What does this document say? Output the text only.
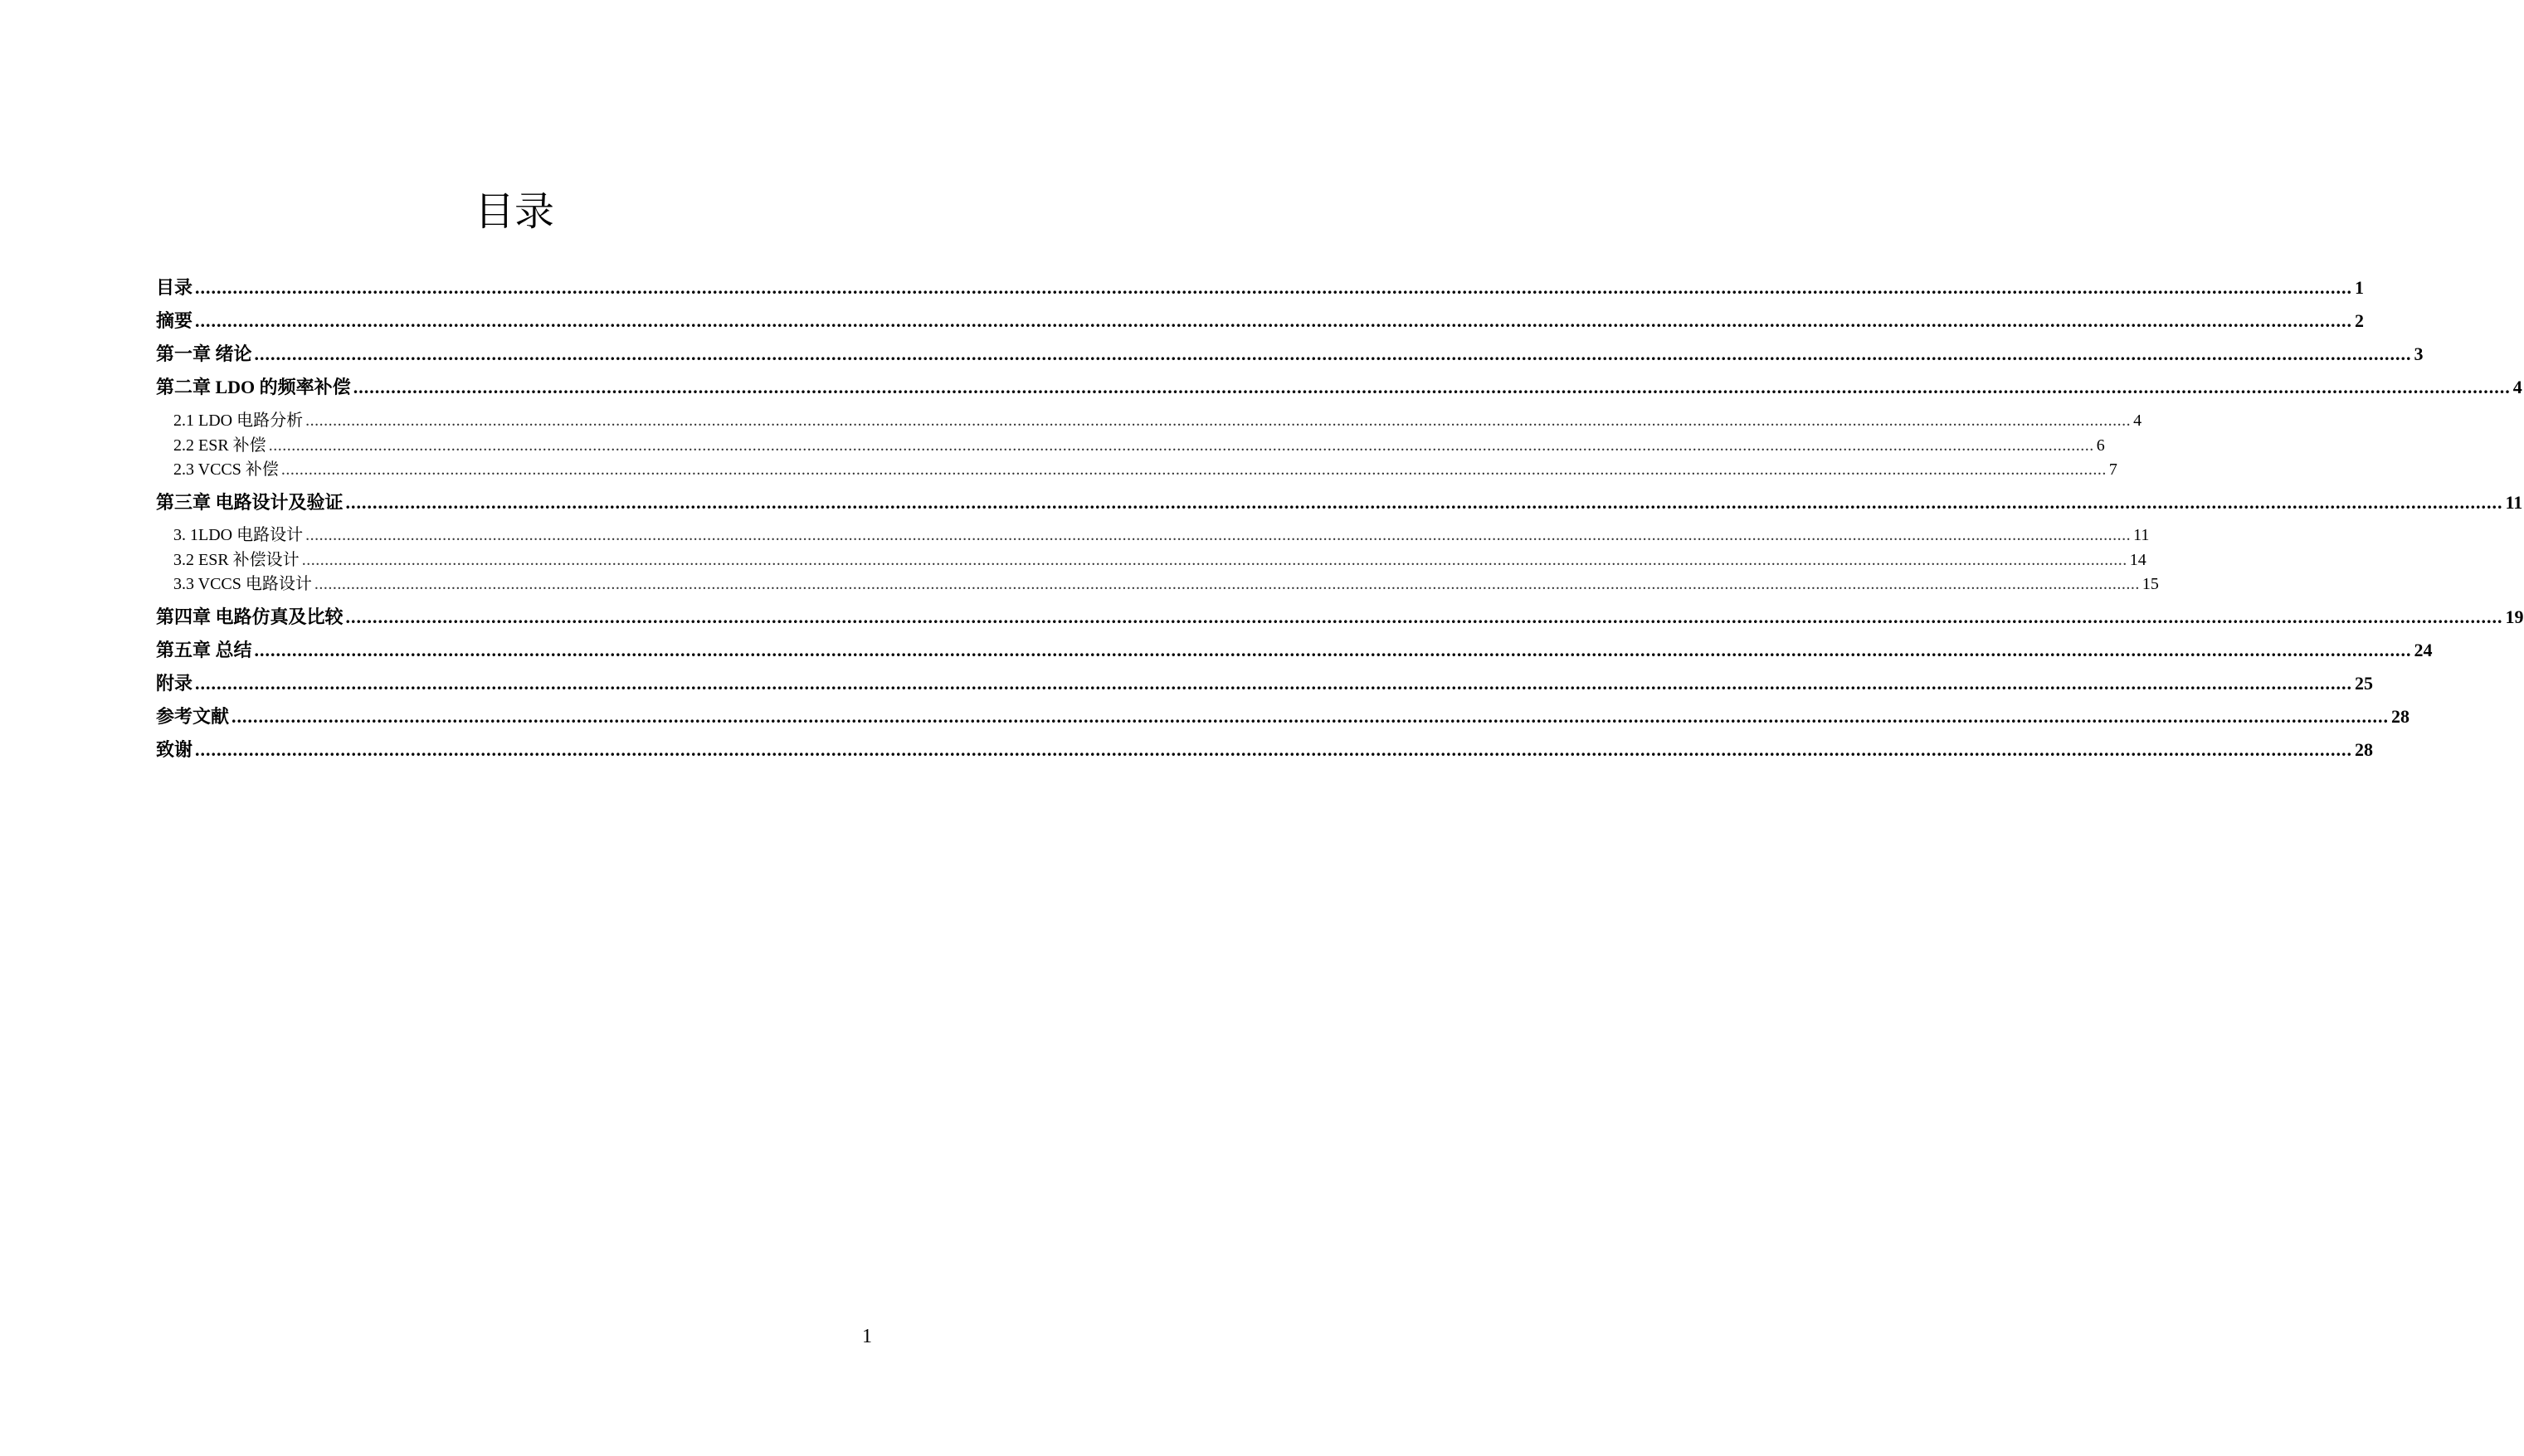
目录
目录 ................................................................................................................................................................................................................................................................................................................................................................................................................ 1
摘要 ................................................................................................................................................................................................................................................................................................................................................................................................................ 2
第一章 绪论 ................................................................................................................................................................................................................................................................................................................................................................................................................ 3
第二章 LDO 的频率补偿 ................................................................................................................................................................................................................................................................................................................................................................................................................ 4
2.1 LDO 电路分析 ................................................................................................................................................................................................................................................................................................................................................................................................................ 4
2.2 ESR 补偿 ................................................................................................................................................................................................................................................................................................................................................................................................................ 6
2.3 VCCS 补偿 ................................................................................................................................................................................................................................................................................................................................................................................................................ 7
第三章 电路设计及验证 ................................................................................................................................................................................................................................................................................................................................................................................................................ 11
3. 1LDO 电路设计 ................................................................................................................................................................................................................................................................................................................................................................................................................ 11
3.2 ESR 补偿设计 ................................................................................................................................................................................................................................................................................................................................................................................................................ 14
3.3 VCCS 电路设计 ................................................................................................................................................................................................................................................................................................................................................................................................................ 15
第四章 电路仿真及比较 ................................................................................................................................................................................................................................................................................................................................................................................................................ 19
第五章 总结 ................................................................................................................................................................................................................................................................................................................................................................................................................ 24
附录 ................................................................................................................................................................................................................................................................................................................................................................................................................ 25
参考文献 ................................................................................................................................................................................................................................................................................................................................................................................................................ 28
致谢 ................................................................................................................................................................................................................................................................................................................................................................................................................ 28
1
